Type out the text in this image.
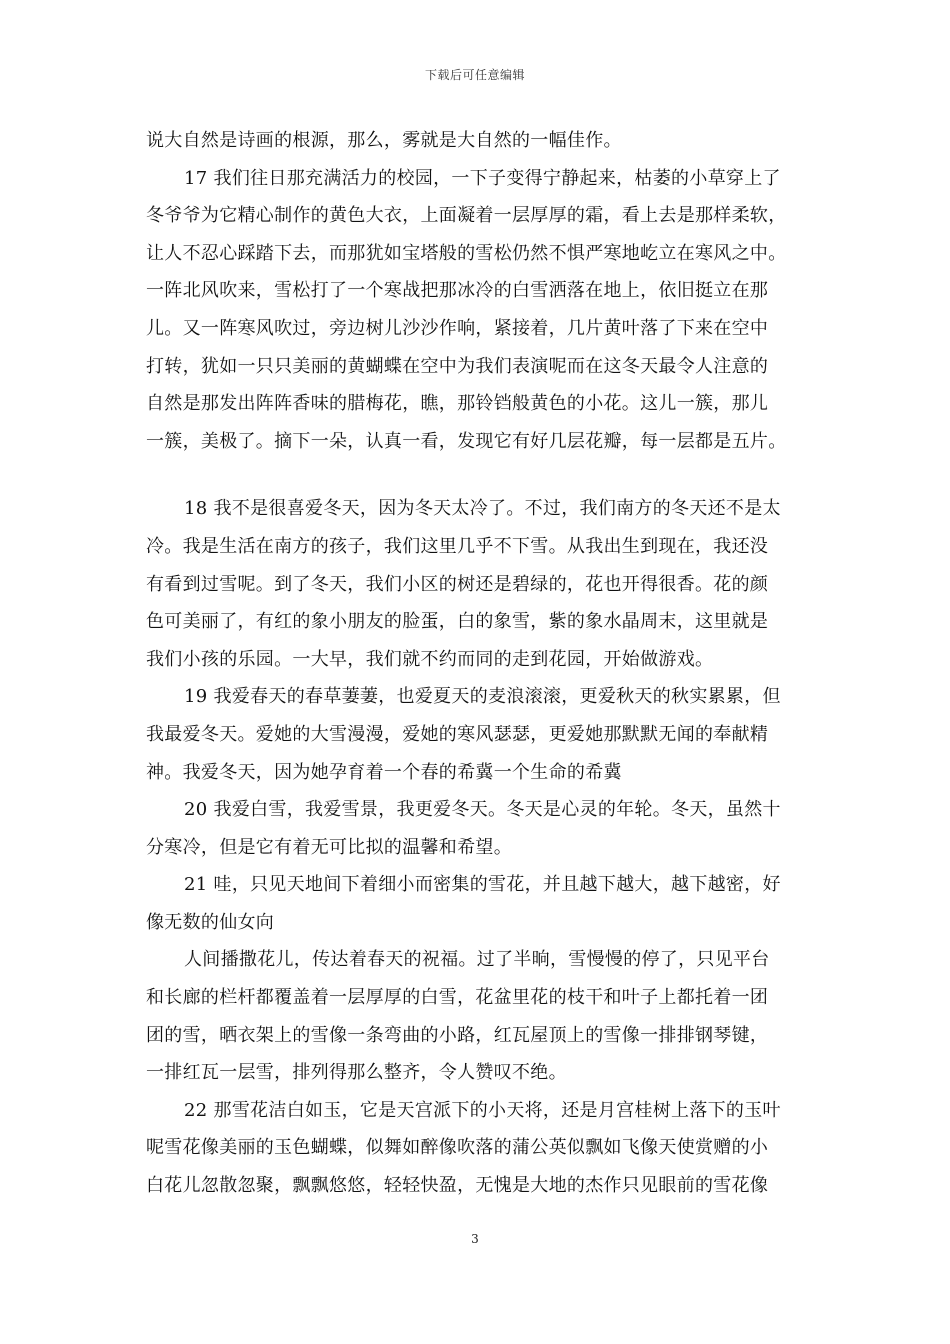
下载后可任意编辑
说大自然是诗画的根源，那么，雾就是大自然的一幅佳作。
17 我们往日那充满活力的校园，一下子变得宁静起来，枯萎的小草穿上了
冬爷爷为它精心制作的黄色大衣，上面凝着一层厚厚的霜，看上去是那样柔软，
让人不忍心踩踏下去，而那犹如宝塔般的雪松仍然不惧严寒地屹立在寒风之中。
一阵北风吹来，雪松打了一个寒战把那冰冷的白雪洒落在地上，依旧挺立在那
儿。又一阵寒风吹过，旁边树儿沙沙作响，紧接着，几片黄叶落了下来在空中
打转，犹如一只只美丽的黄蝴蝶在空中为我们表演呢而在这冬天最令人注意的
自然是那发出阵阵香味的腊梅花，瞧，那铃铛般黄色的小花。这儿一簇，那儿
一簇，美极了。摘下一朵，认真一看，发现它有好几层花瓣，每一层都是五片。
18 我不是很喜爱冬天，因为冬天太冷了。不过，我们南方的冬天还不是太
冷。我是生活在南方的孩子，我们这里几乎不下雪。从我出生到现在，我还没
有看到过雪呢。到了冬天，我们小区的树还是碧绿的，花也开得很香。花的颜
色可美丽了，有红的象小朋友的脸蛋，白的象雪，紫的象水晶周末，这里就是
我们小孩的乐园。一大早，我们就不约而同的走到花园，开始做游戏。
19 我爱春天的春草萋萋，也爱夏天的麦浪滚滚，更爱秋天的秋实累累，但
我最爱冬天。爱她的大雪漫漫，爱她的寒风瑟瑟，更爱她那默默无闻的奉献精
神。我爱冬天，因为她孕育着一个春的希冀一个生命的希冀
20 我爱白雪，我爱雪景，我更爱冬天。冬天是心灵的年轮。冬天，虽然十
分寒冷，但是它有着无可比拟的温馨和希望。
21 哇，只见天地间下着细小而密集的雪花，并且越下越大，越下越密，好
像无数的仙女向
人间播撒花儿，传达着春天的祝福。过了半晌，雪慢慢的停了，只见平台
和长廊的栏杆都覆盖着一层厚厚的白雪，花盆里花的枝干和叶子上都托着一团
团的雪，晒衣架上的雪像一条弯曲的小路，红瓦屋顶上的雪像一排排钢琴键，
一排红瓦一层雪，排列得那么整齐，令人赞叹不绝。
22 那雪花洁白如玉，它是天宫派下的小天将，还是月宫桂树上落下的玉叶
呢雪花像美丽的玉色蝴蝶，似舞如醉像吹落的蒲公英似飘如飞像天使赏赠的小
白花儿忽散忽聚，飘飘悠悠，轻轻快盈，无愧是大地的杰作只见眼前的雪花像
3
